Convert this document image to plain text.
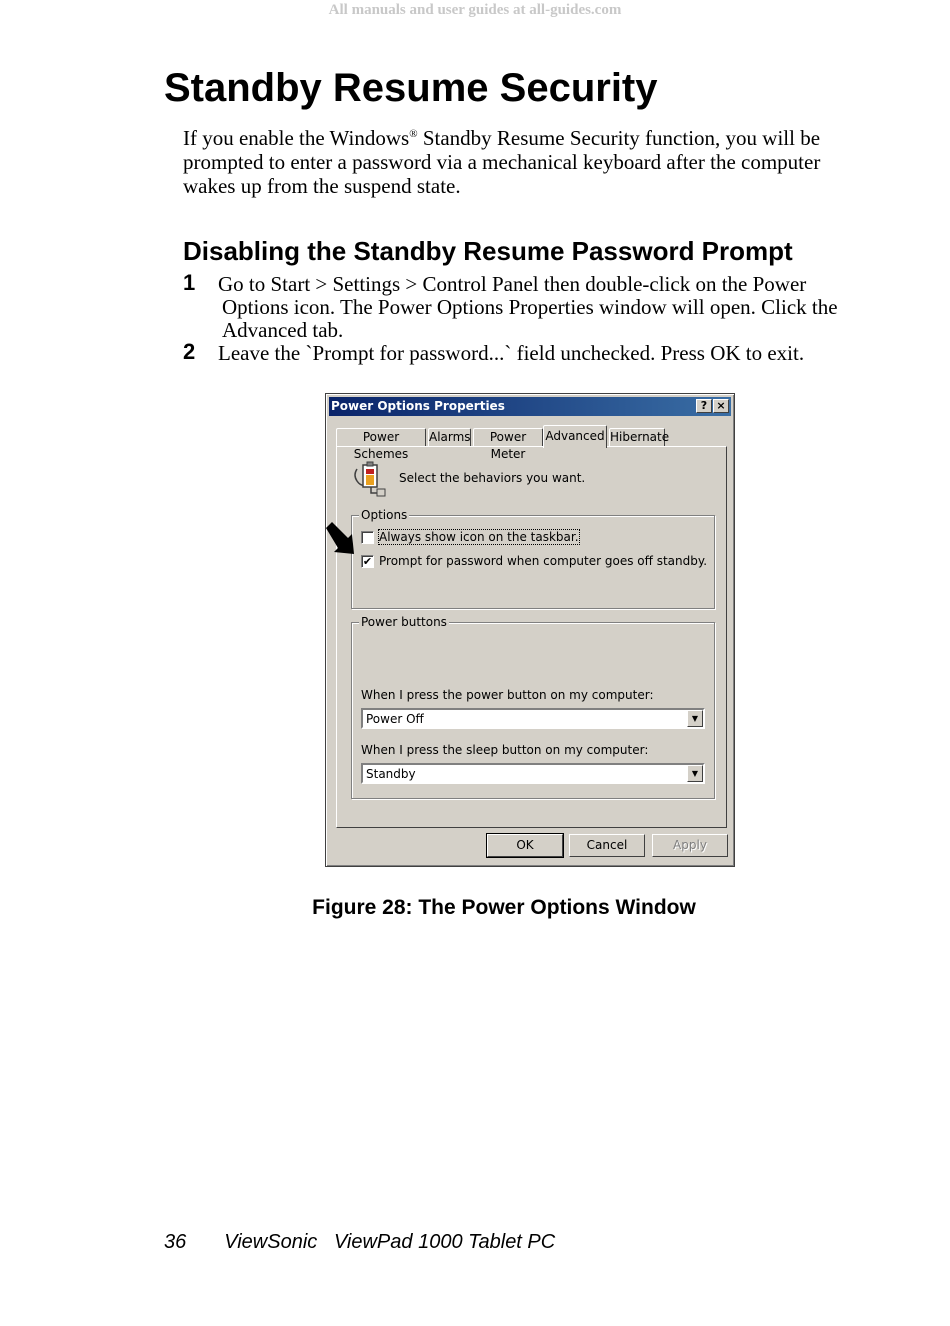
All manuals and user guides at all-guides.com
Standby Resume Security

If you enable the Windows® Standby Resume Security function, you will be prompted to enter a password via a mechanical keyboard after the computer wakes up from the suspend state.

Disabling the Standby Resume Password Prompt
1	Go to Start > Settings > Control Panel then double-click on the Power
Options icon. The Power Options Properties window will open. Click the Advanced tab.
2	Leave the `Prompt for password...` field unchecked. Press OK to exit.
Power Options Properties	? ×
Power Schemes
Alarms	Power Meter
Advanced Hibernate
Select the behaviors you want.
Options
Always show icon on the taskbar.
✔ Prompt for password when computer goes off standby.
Power buttons
When I press the power button on my computer:
Power Off	▼
When I press the sleep button on my computer:
Standby	▼
OK	Cancel	Apply
Figure 28: The Power Options Window
36 ViewSonic   ViewPad 1000 Tablet PC
